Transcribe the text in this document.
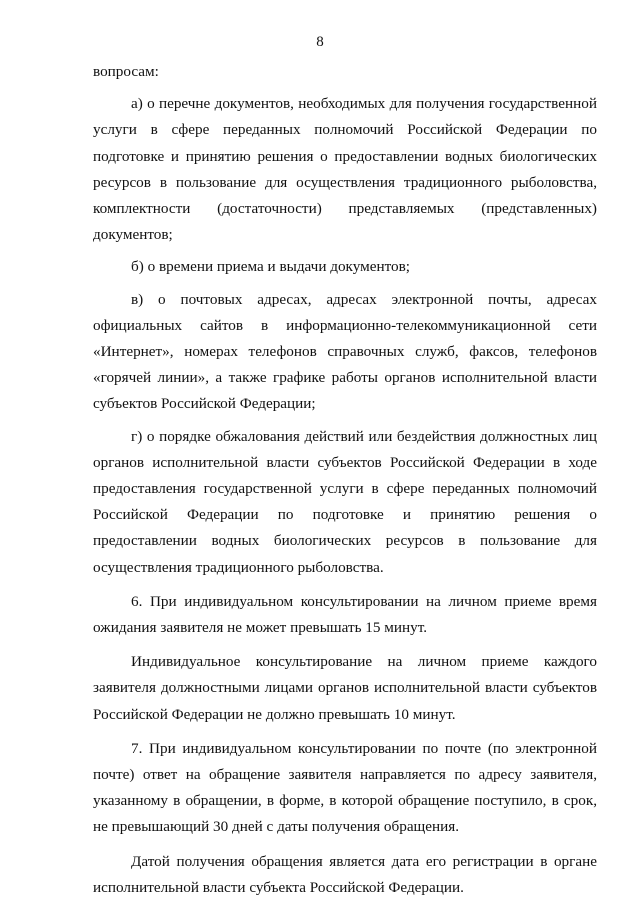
8

вопросам:

а) о перечне документов, необходимых для получения государственной услуги в сфере переданных полномочий Российской Федерации по подготовке и принятию решения о предоставлении водных биологических ресурсов в пользование для осуществления традиционного рыболовства, комплектности (достаточности) представляемых (представленных) документов;

б) о времени приема и выдачи документов;

в) о почтовых адресах, адресах электронной почты, адресах официальных сайтов в информационно-телекоммуникационной сети «Интернет», номерах телефонов справочных служб, факсов, телефонов «горячей линии», а также графике работы органов исполнительной власти субъектов Российской Федерации;

г) о порядке обжалования действий или бездействия должностных лиц органов исполнительной власти субъектов Российской Федерации в ходе предоставления государственной услуги в сфере переданных полномочий Российской Федерации по подготовке и принятию решения о предоставлении водных биологических ресурсов в пользование для осуществления традиционного рыболовства.

6. При индивидуальном консультировании на личном приеме время ожидания заявителя не может превышать 15 минут.

Индивидуальное консультирование на личном приеме каждого заявителя должностными лицами органов исполнительной власти субъектов Российской Федерации не должно превышать 10 минут.

7. При индивидуальном консультировании по почте (по электронной почте) ответ на обращение заявителя направляется по адресу заявителя, указанному в обращении, в форме, в которой обращение поступило, в срок, не превышающий 30 дней с даты получения обращения.

Датой получения обращения является дата его регистрации в органе исполнительной власти субъекта Российской Федерации.
